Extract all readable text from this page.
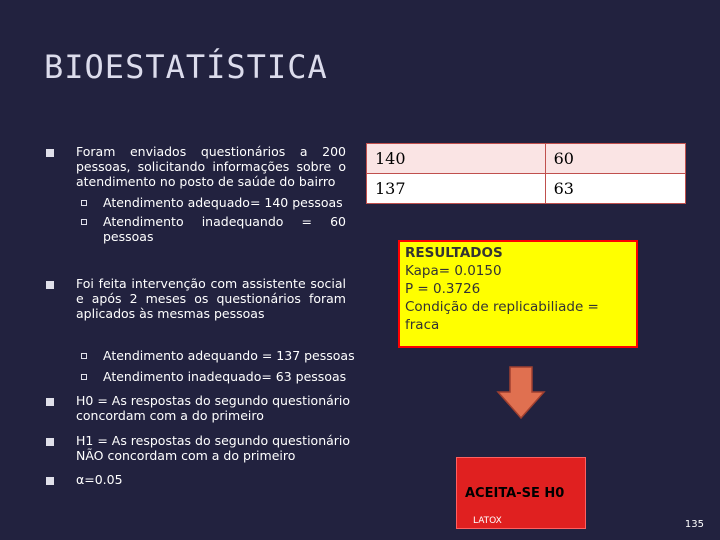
BIOESTATÍSTICA
Foram enviados questionários a 200 pessoas, solicitando informações sobre o atendimento no posto de saúde do bairro
Atendimento adequado= 140 pessoas
Atendimento inadequando = 60 pessoas
Foi feita intervenção com assistente social e após 2 meses os questionários foram aplicados às mesmas pessoas
Atendimento adequando = 137 pessoas
Atendimento inadequado= 63 pessoas
H0 = As respostas do segundo questionário concordam com a do primeiro
H1 = As respostas do segundo questionário NÃO concordam com a do primeiro
α=0.05
140	60
137	63
RESULTADOS
Kapa= 0.0150
P = 0.3726
Condição de replicabiliade = fraca
ACEITA-SE H0
LATOX	135
